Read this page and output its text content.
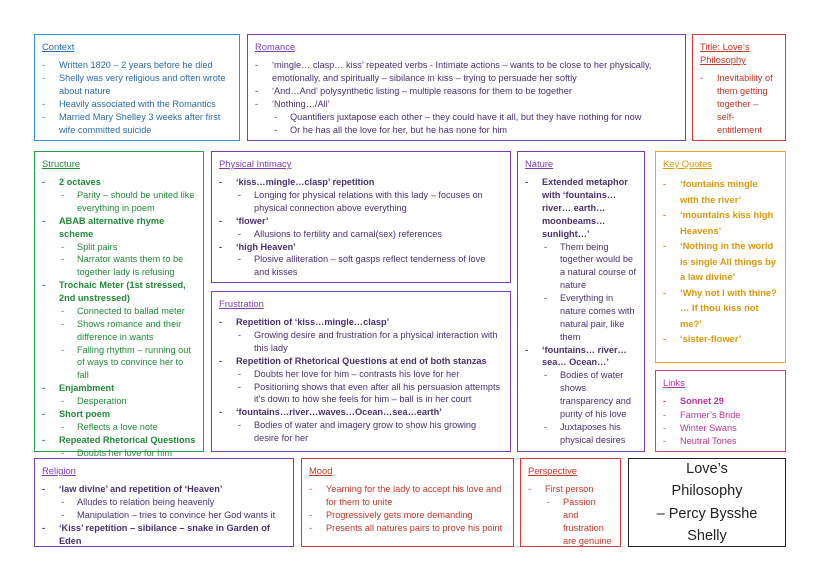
Context
- Written 1820 – 2 years before he died
- Shelly was very religious and often wrote about nature
- Heavily associated with the Romantics
- Married Mary Shelley 3 weeks after first wife committed suicide
Romance
- ‘mingle… clasp… kiss’ repeated verbs - Intimate actions – wants to be close to her physically, emotionally, and spiritually – sibilance in kiss – trying to persuade her softly
- ‘And…And’ polysynthetic listing – multiple reasons for them to be together
- ‘Nothing…/All’
- Quantifiers juxtapose each other – they could have it all, but they have nothing for now
- Or he has all the love for her, but he has none for him
Title: Love’s Philosophy
- Inevitability of them getting together – self-entitlement
Structure
- 2 octaves
- Parity – should be united like everything in poem
- ABAB alternative rhyme scheme
- Split pairs
- Narrator wants them to be together lady is refusing
- Trochaic Meter (1st stressed, 2nd unstressed)
- Connected to ballad meter
- Shows romance and their difference in wants
- Falling rhythm – running out of ways to convince her to fall
- Enjambment
- Desperation
- Short poem
- Reflects a love note
- Repeated Rhetorical Questions
- Doubts her love for him
Physical Intimacy
- ‘kiss…mingle…clasp’ repetition
- Longing for physical relations with this lady – focuses on physical connection above everything
- ‘flower’
- Allusions to fertility and carnal(sex) references
- ‘high Heaven’
- Plosive alliteration – soft gasps reflect tenderness of love and kisses
Frustration
- Repetition of ‘kiss…mingle…clasp’
- Growing desire and frustration for a physical interaction with this lady
- Repetition of Rhetorical Questions at end of both stanzas
- Doubts her love for him – contrasts his love for her
- Positioning shows that even after all his persuasion attempts it’s down to how she feels for him – ball is in her court
- ‘fountains…river…waves…Ocean…sea…earth’
- Bodies of water and imagery grow to show his growing desire for her
Nature
- Extended metaphor with ‘fountains… river… earth… moonbeams… sunlight…’
- Them being together would be a natural course of nature
- Everything in nature comes with natural pair, like them
- ‘fountains… river… sea… Ocean…’
- Bodies of water shows transparency and purity of his love
- Juxtaposes his physical desires
Key Quotes
- ‘fountains mingle with the river’
- ‘mountains kiss high Heavens’
- ‘Nothing in the world is single All things by a law divine’
- ‘Why not I with thine? … If thou kiss not me?’
- ‘sister-flower’
Links
- Sonnet 29
- Farmer’s Bride
- Winter Swans
- Neutral Tones
Religion
- ‘law divine’ and repetition of ‘Heaven’
- Alludes to relation being heavenly
- Manipulation – tries to convince her God wants it
- ‘Kiss’ repetition – sibilance – snake in Garden of Eden
Mood
- Yearning for the lady to accept his love and for them to unite
- Progressively gets more demanding
- Presents all natures pairs to prove his point
Perspective
- First person
- Passion and frustration are genuine
Love’s
Philosophy
– Percy Bysshe Shelly
